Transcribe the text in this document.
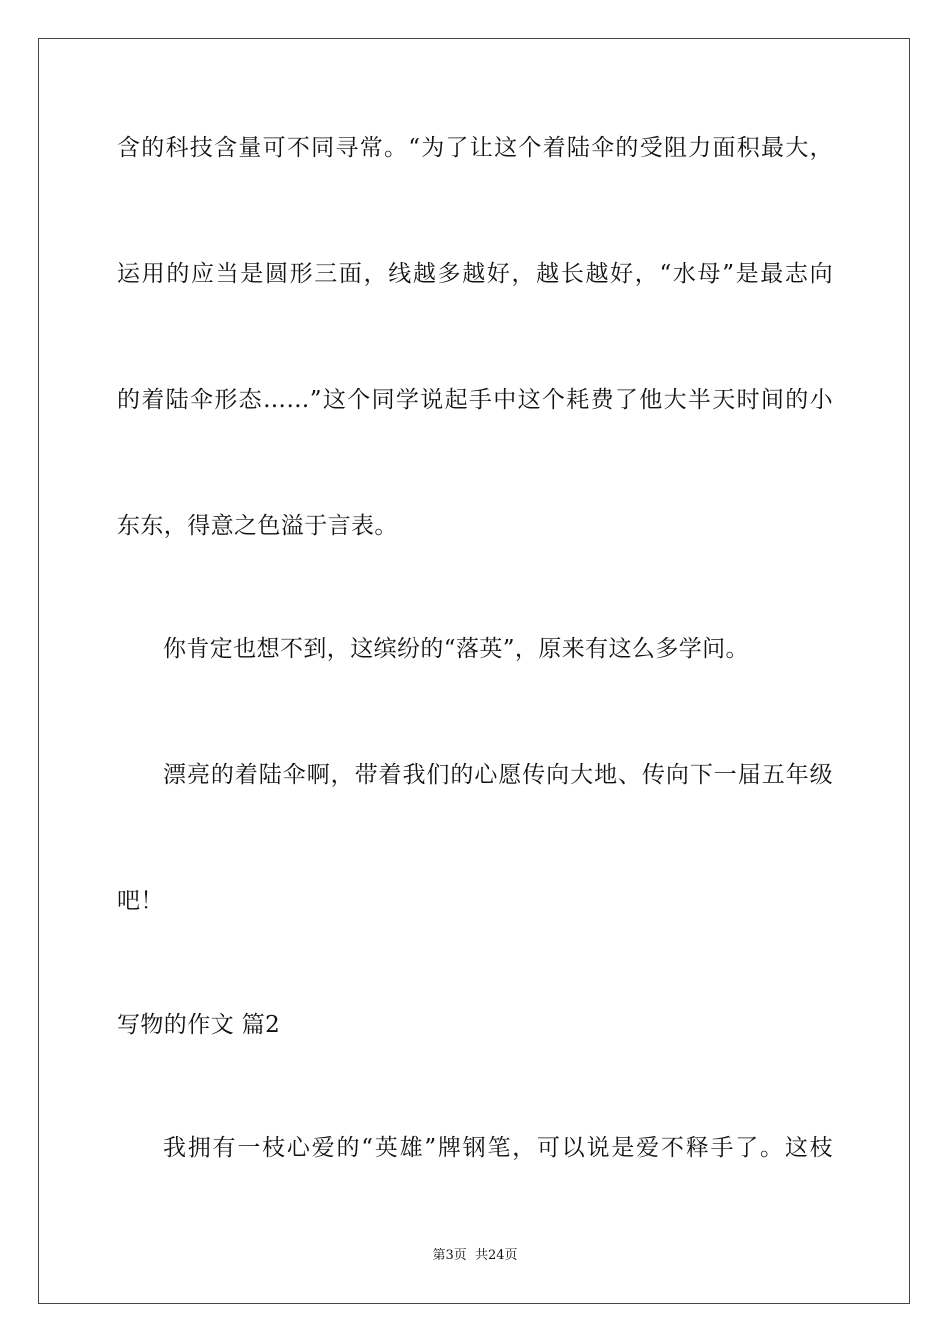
含的科技含量可不同寻常。“为了让这个着陆伞的受阻力面积最大，
运用的应当是圆形三面，线越多越好，越长越好，“水母”是最志向
的着陆伞形态……”这个同学说起手中这个耗费了他大半天时间的小
东东，得意之色溢于言表。
你肯定也想不到，这缤纷的“落英”，原来有这么多学问。
漂亮的着陆伞啊，带着我们的心愿传向大地、传向下一届五年级
吧！
写物的作文 篇2
我拥有一枝心爱的“英雄”牌钢笔，可以说是爱不释手了。这枝
第3页 共24页
